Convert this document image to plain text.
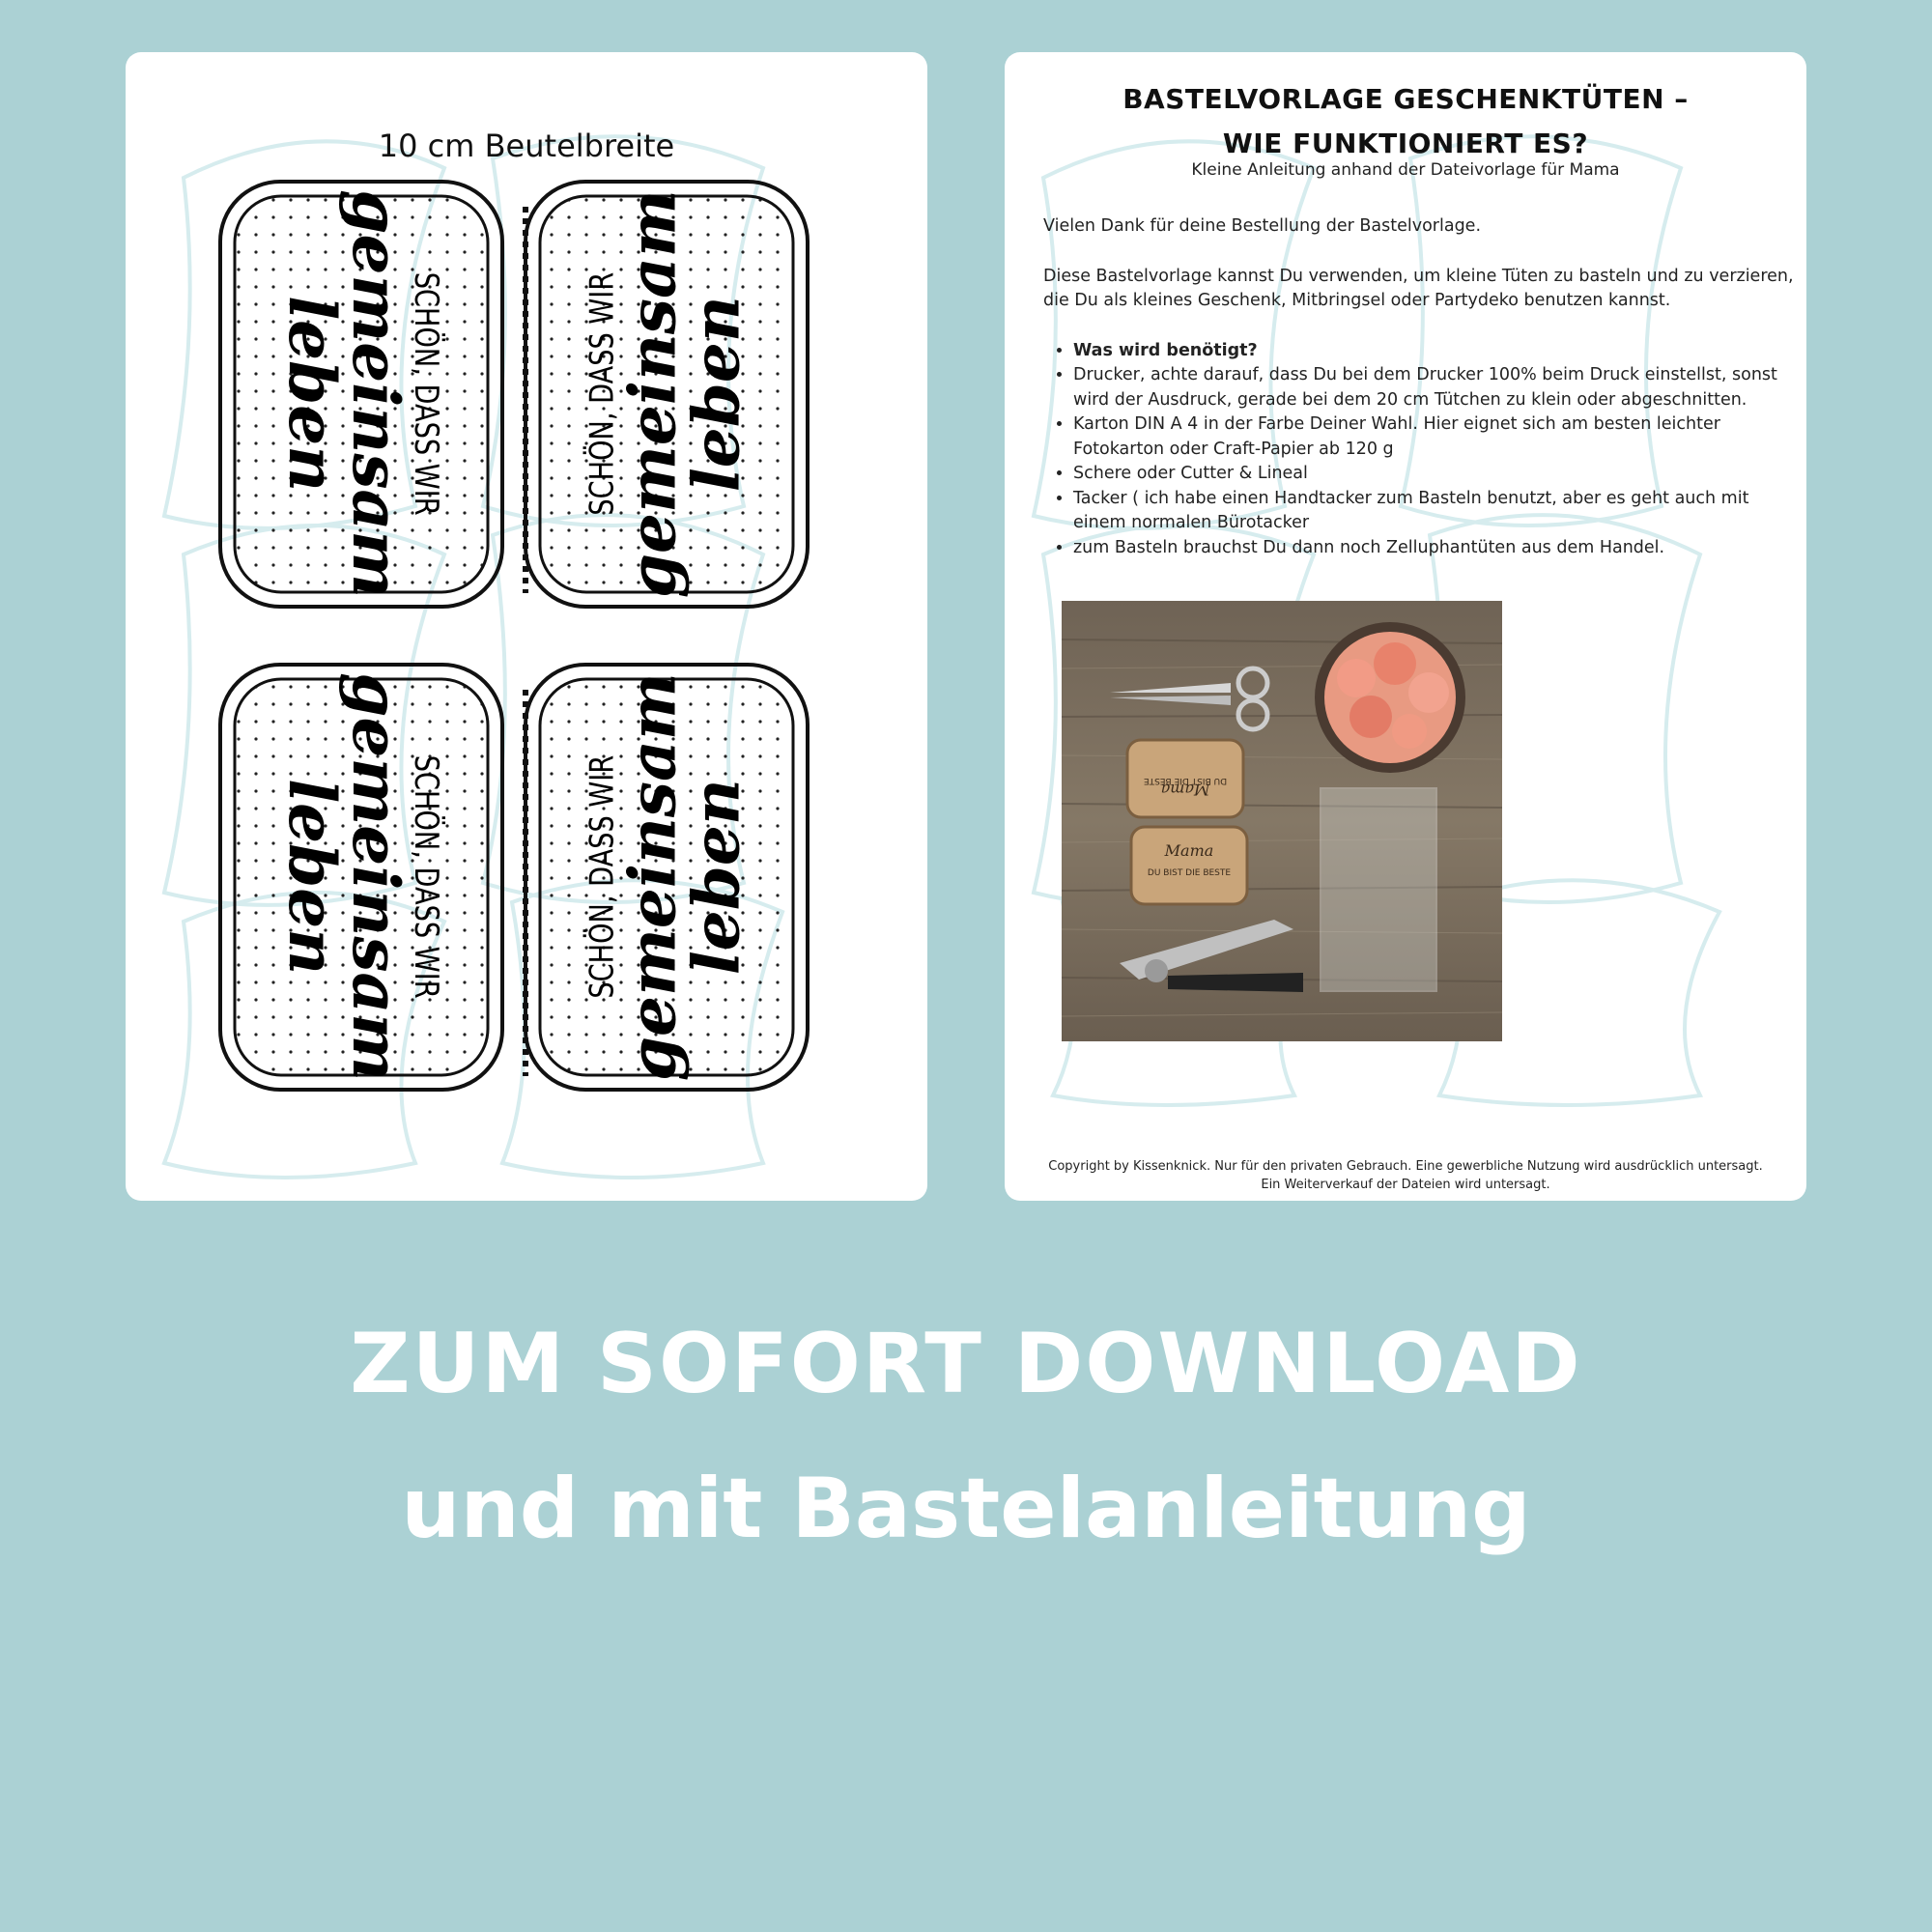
10 cm Beutelbreite
SCHÖN, DASS WIR
gemeinsam
leben	SCHÖN, DASS WIR
gemeinsam
leben
SCHÖN, DASS WIR
gemeinsam
leben	SCHÖN, DASS WIR
gemeinsam
leben
BASTELVORLAGE GESCHENKTÜTEN –
WIE FUNKTIONIERT ES?
Kleine Anleitung anhand der Dateivorlage für Mama

Vielen Dank für deine Bestellung der Bastelvorlage.

Diese Bastelvorlage kannst Du verwenden, um kleine Tüten zu basteln und zu verzieren, die Du als kleines Geschenk, Mitbringsel oder Partydeko benutzen kannst.

• Was wird benötigt?
• Drucker, achte darauf, dass Du bei dem Drucker 100% beim Druck einstellst, sonst wird der Ausdruck, gerade bei dem 20 cm Tütchen zu klein oder abgeschnitten.
• Karton DIN A 4 in der Farbe Deiner Wahl. Hier eignet sich am besten leichter Fotokarton oder Craft-Papier ab 120 g
• Schere oder Cutter & Lineal
• Tacker ( ich habe einen Handtacker zum Basteln benutzt, aber es geht auch mit einem normalen Bürotacker
• zum Basteln brauchst Du dann noch Zelluphantüten aus dem Handel.
Mama
DU BIST DIE BESTE
Mama
DU BIST DIE BESTE
Copyright by Kissenknick. Nur für den privaten Gebrauch. Eine gewerbliche Nutzung wird ausdrücklich untersagt.
Ein Weiterverkauf der Dateien wird untersagt.
ZUM SOFORT DOWNLOAD
und mit Bastelanleitung
